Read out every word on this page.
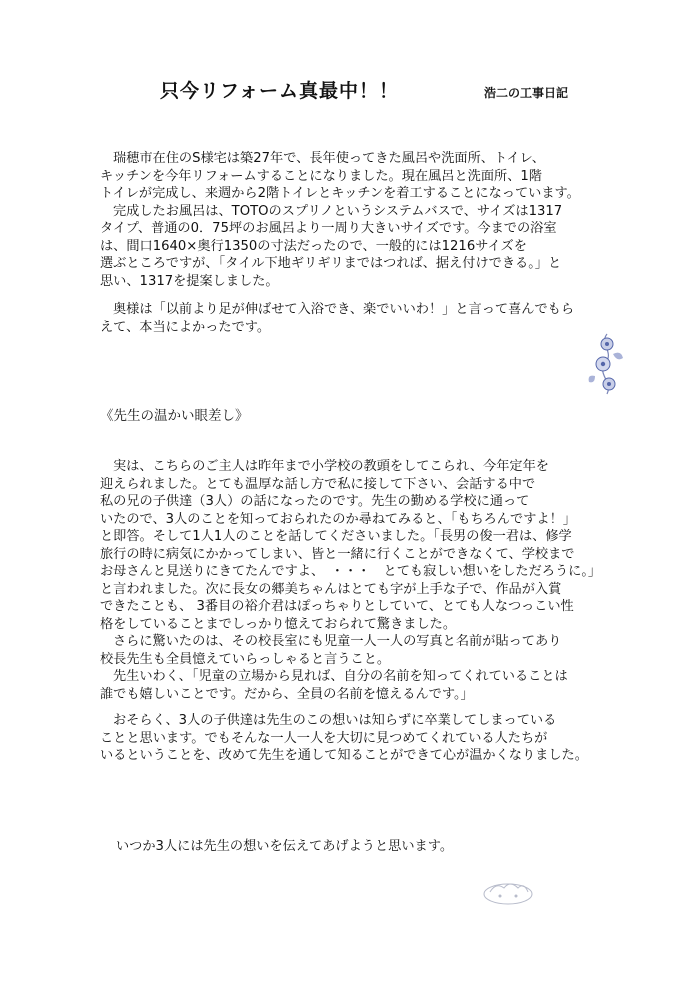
只今リフォーム真最中！！	浩二の工事日記
瑞穂市在住のS様宅は築27年で、長年使ってきた風呂や洗面所、トイレ、
キッチンを今年リフォームすることになりました。現在風呂と洗面所、1階
トイレが完成し、来週から2階トイレとキッチンを着工することになっています。
完成したお風呂は、TOTOのスプリノというシステムバスで、サイズは1317
タイプ、普通の0．75坪のお風呂より一周り大きいサイズです。今までの浴室
は、間口1640×奥行1350の寸法だったので、一般的には1216サイズを
選ぶところですが、「タイル下地ギリギリまではつれば、据え付けできる。」と
思い、1317を提案しました。
奥様は「以前より足が伸ばせて入浴でき、楽でいいわ！」と言って喜んでもら
えて、本当によかったです。
《先生の温かい眼差し》
実は、こちらのご主人は昨年まで小学校の教頭をしてこられ、今年定年を
迎えられました。とても温厚な話し方で私に接して下さい、会話する中で
私の兄の子供達（3人）の話になったのです。先生の勤める学校に通って
いたので、3人のことを知っておられたのか尋ねてみると、「もちろんですよ！」
と即答。そして1人1人のことを話してくださいました。「長男の俊一君は、修学
旅行の時に病気にかかってしまい、皆と一緒に行くことができなくて、学校まで
お母さんと見送りにきてたんですよ、　・・・　とても寂しい想いをしただろうに。」
と言われました。次に長女の郷美ちゃんはとても字が上手な子で、作品が入賞
できたことも、 3番目の裕介君はぽっちゃりとしていて、とても人なつっこい性
格をしていることまでしっかり憶えておられて驚きました。
さらに驚いたのは、その校長室にも児童一人一人の写真と名前が貼ってあり
校長先生も全員憶えていらっしゃると言うこと。
先生いわく、「児童の立場から見れば、自分の名前を知ってくれていることは
誰でも嬉しいことです。だから、全員の名前を憶えるんです。」
おそらく、3人の子供達は先生のこの想いは知らずに卒業してしまっている
ことと思います。でもそんな一人一人を大切に見つめてくれている人たちが
いるということを、改めて先生を通して知ることができて心が温かくなりました。
いつか3人には先生の想いを伝えてあげようと思います。
